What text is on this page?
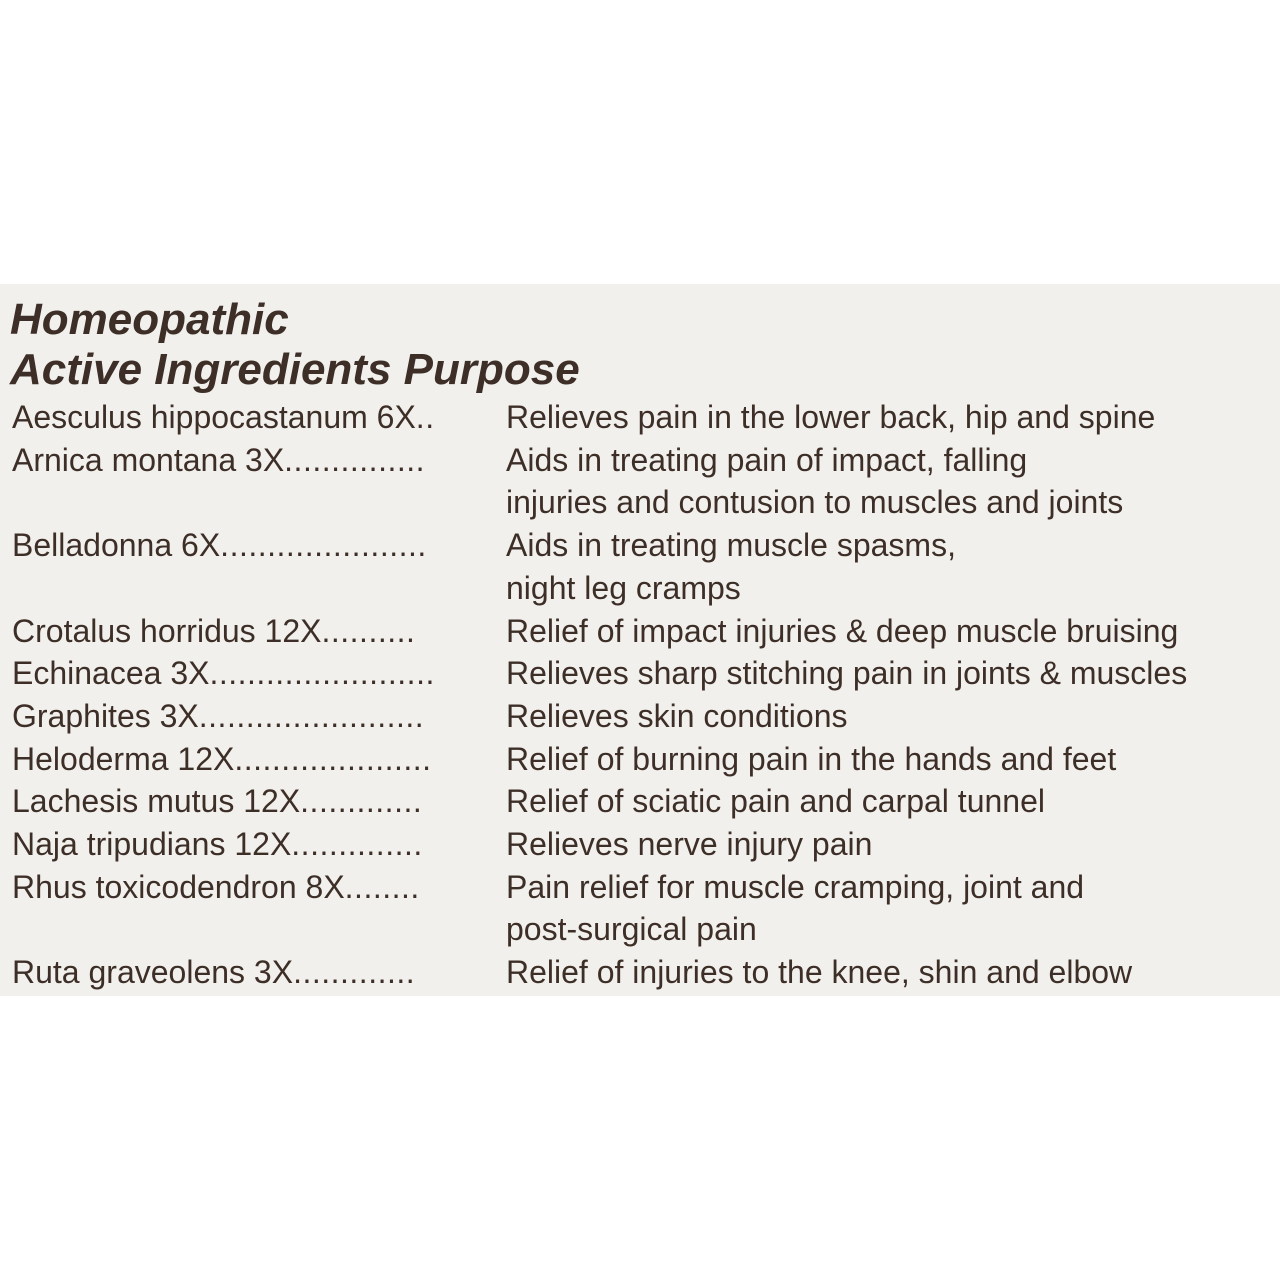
Homeopathic
Active Ingredients Purpose
Aesculus hippocastanum 6X..	Relieves pain in the lower back, hip and spine
Arnica montana 3X...............	Aids in treating pain of impact, falling
injuries and contusion to muscles and joints
Belladonna 6X......................	Aids in treating muscle spasms,
night leg cramps
Crotalus horridus 12X..........	Relief of impact injuries & deep muscle bruising
Echinacea 3X........................	Relieves sharp stitching pain in joints & muscles
Graphites 3X........................	Relieves skin conditions
Heloderma 12X.....................	Relief of burning pain in the hands and feet
Lachesis mutus 12X.............	Relief of sciatic pain and carpal tunnel
Naja tripudians 12X..............	Relieves nerve injury pain
Rhus toxicodendron 8X........	Pain relief for muscle cramping, joint and
post-surgical pain
Ruta graveolens 3X.............	Relief of injuries to the knee, shin and elbow
